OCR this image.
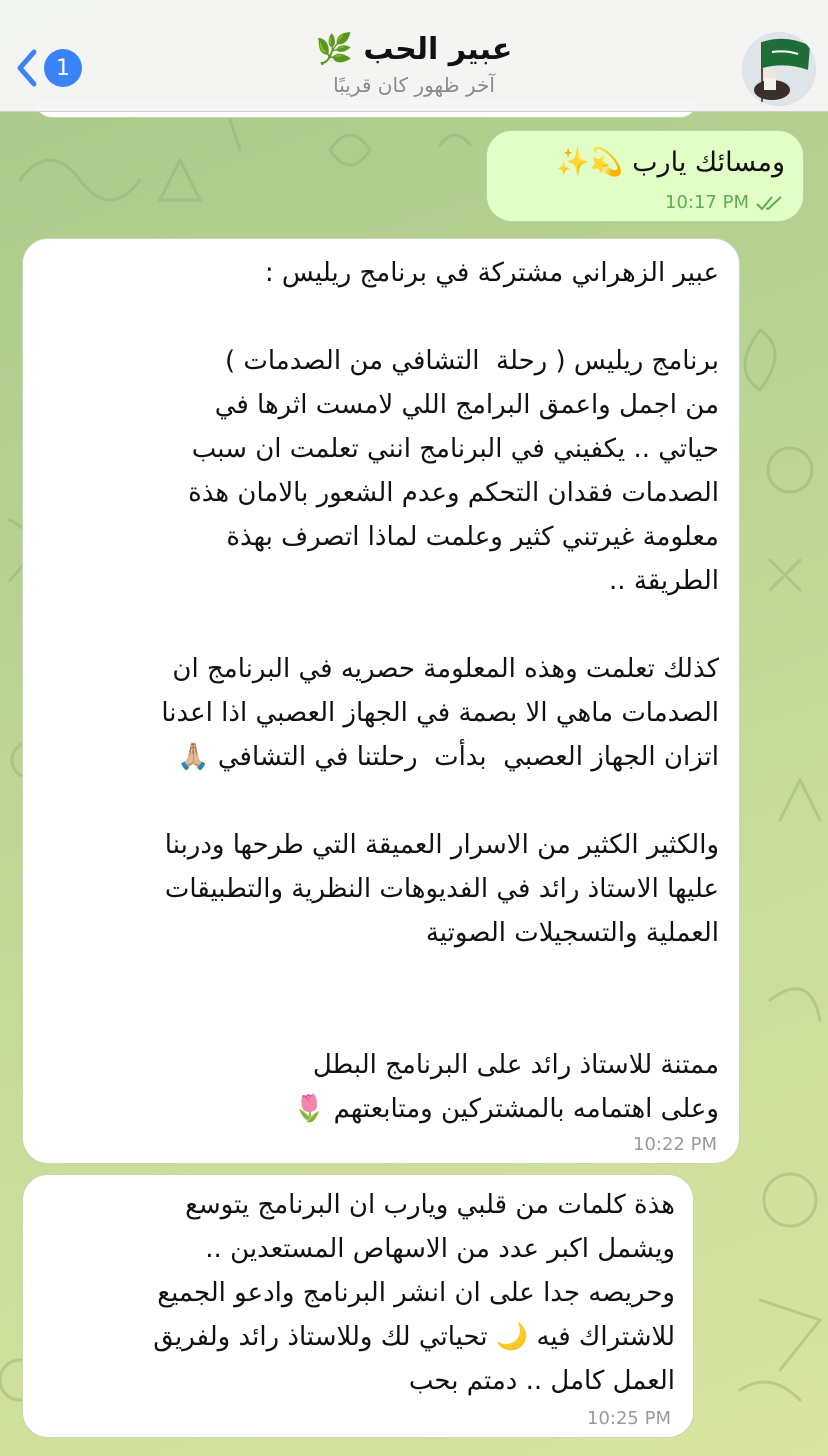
1
عبير الحب 🌿
آخر ظهور كان قريبًا
ومسائك يارب 💫✨
10:17 PM
عبير الزهراني مشتركة في برنامج ريليس :

برنامج ريليس ( رحلة  التشافي من الصدمات )
من اجمل واعمق البرامج اللي لامست اثرها في
حياتي .. يكفيني في البرنامج انني تعلمت ان سبب
الصدمات فقدان التحكم وعدم الشعور بالامان هذة
معلومة غيرتني كثير وعلمت لماذا اتصرف بهذة
الطريقة ..

كذلك تعلمت وهذه المعلومة حصريه في البرنامج ان
الصدمات ماهي الا بصمة في الجهاز العصبي اذا اعدنا
اتزان الجهاز العصبي  بدأت  رحلتنا في التشافي 🙏🏼

والكثير الكثير من الاسرار العميقة التي طرحها ودربنا
عليها الاستاذ رائد في الفديوهات النظرية والتطبيقات
العملية والتسجيلات الصوتية

ممتنة للاستاذ رائد على البرنامج البطل
وعلى اهتمامه بالمشتركين ومتابعتهم 🌷
10:22 PM
هذة كلمات من قلبي ويارب ان البرنامج يتوسع
ويشمل اكبر عدد من الاسهاص المستعدين ..
وحريصه جدا على ان انشر البرنامج وادعو الجميع
للاشتراك فيه 🌙 تحياتي لك وللاستاذ رائد ولفريق
العمل كامل .. دمتم بحب
10:25 PM
